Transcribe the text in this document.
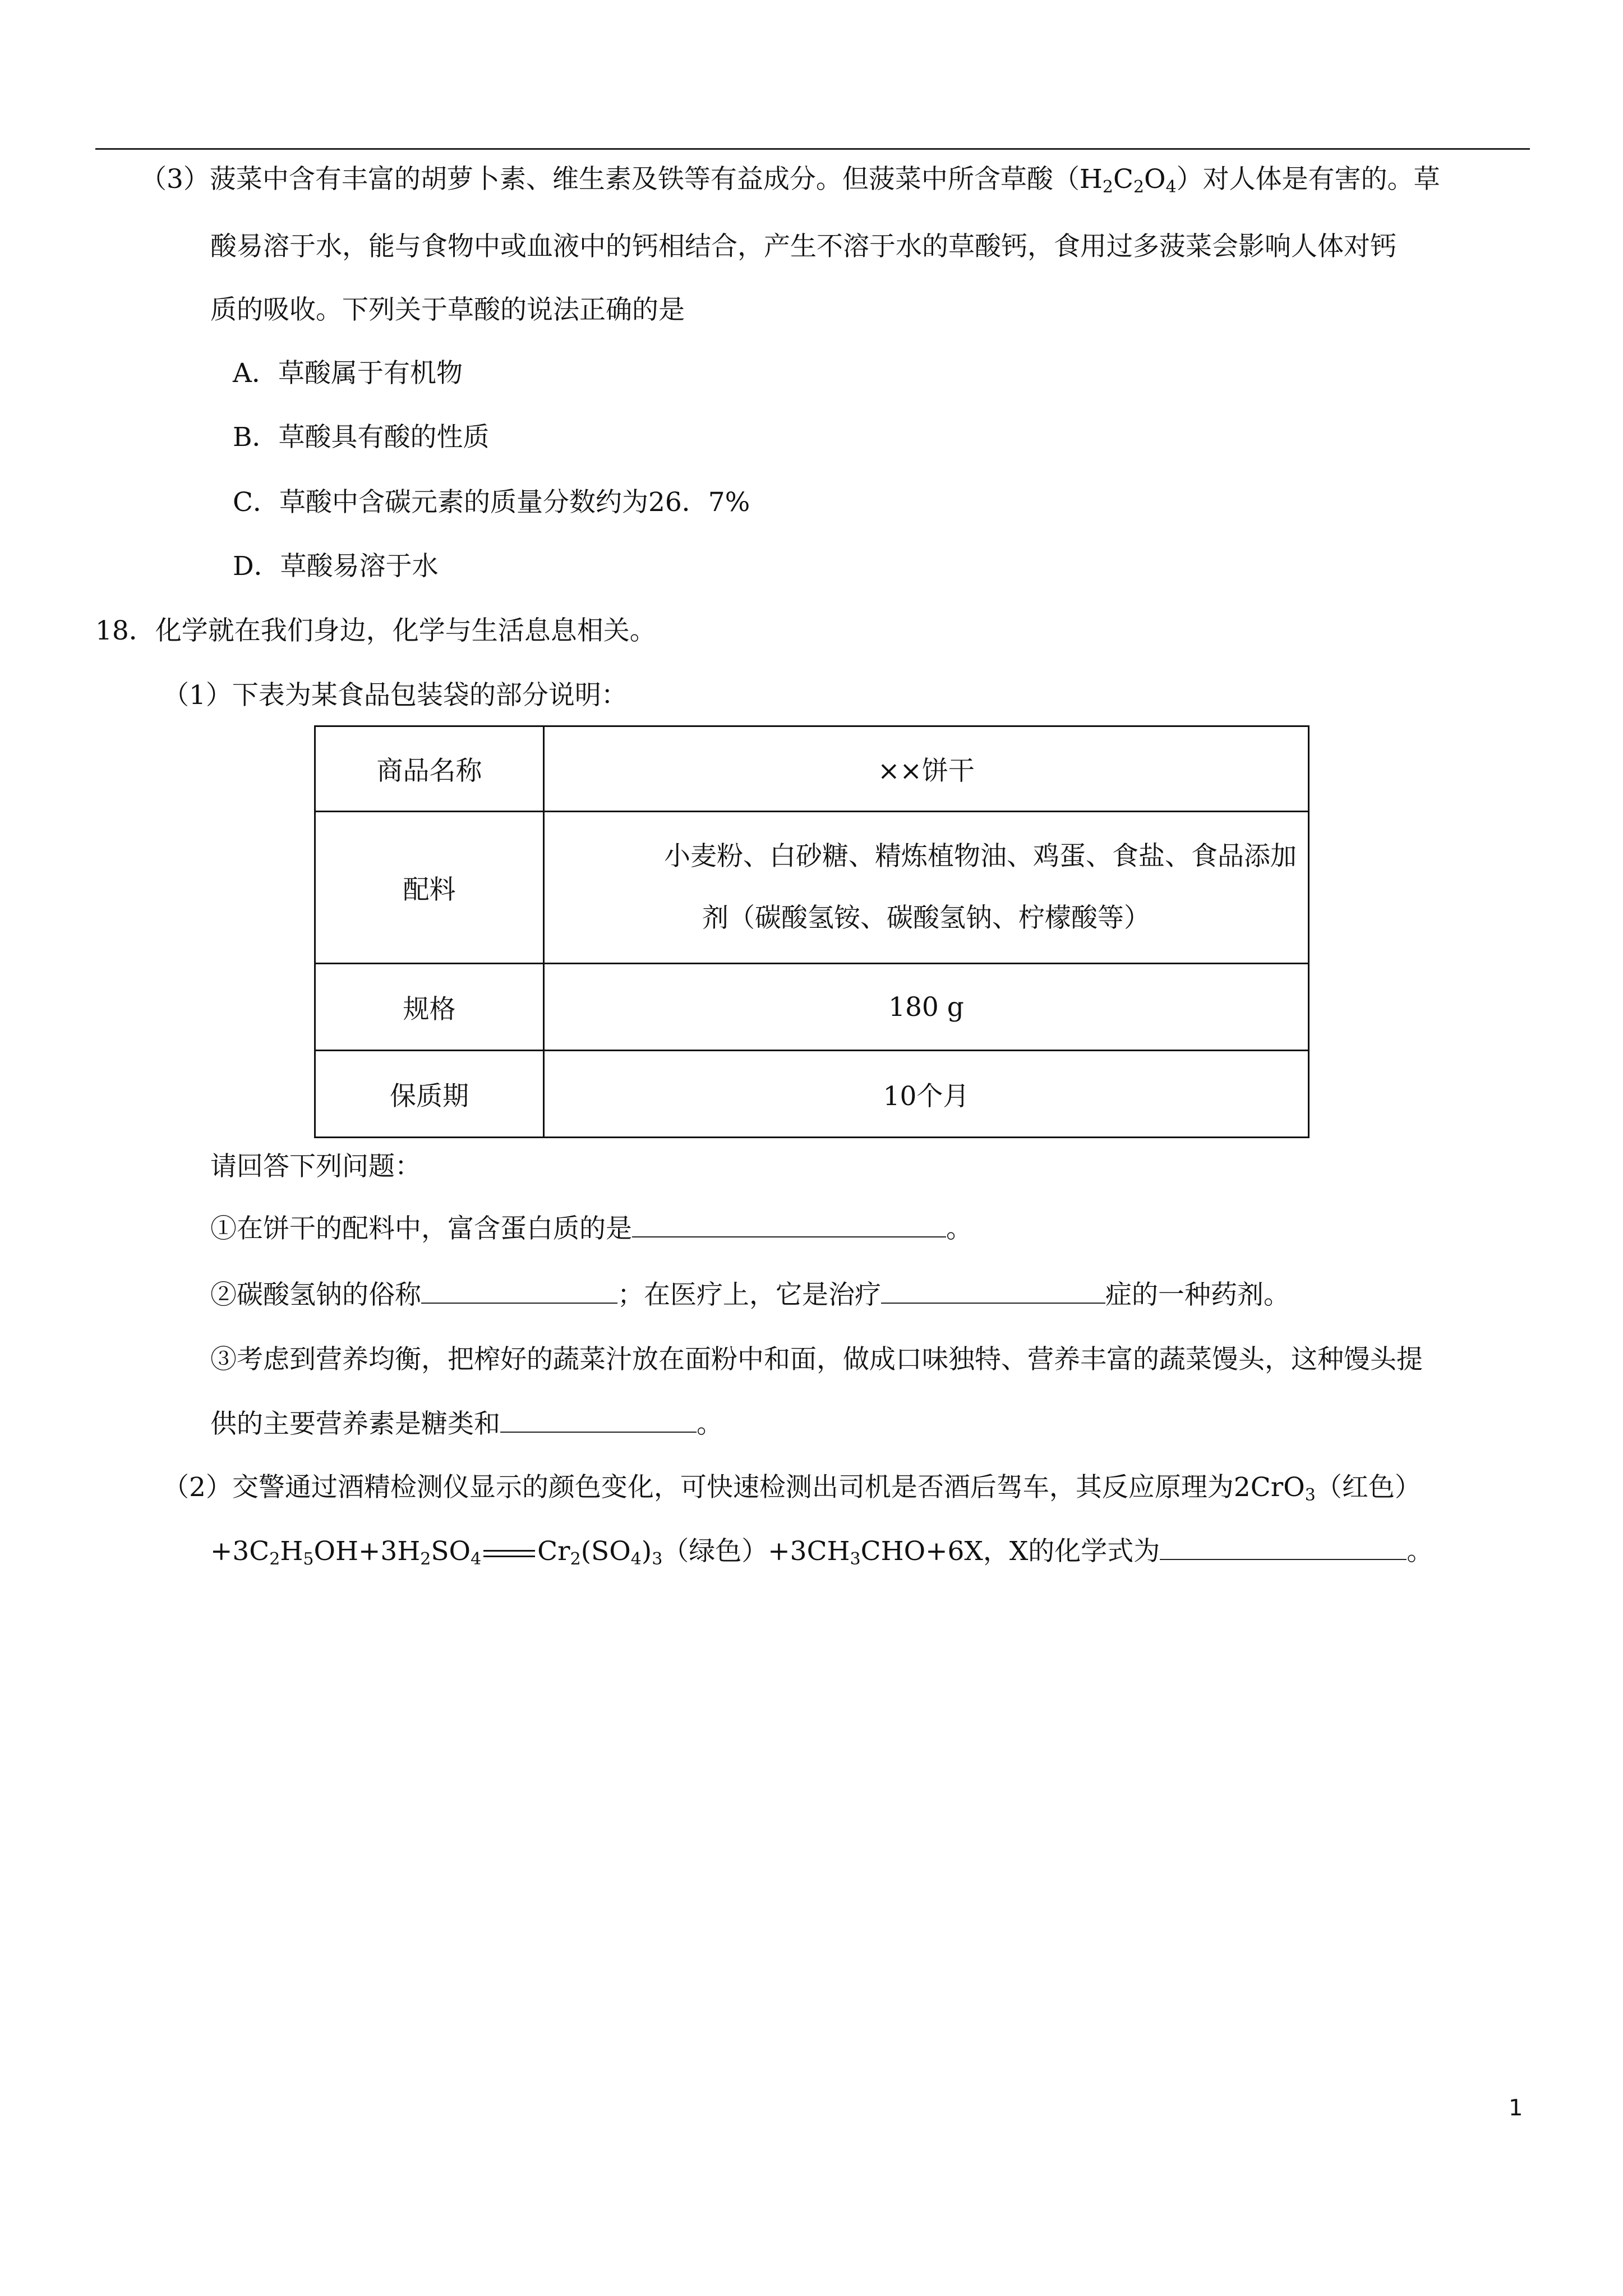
（3）菠菜中含有丰富的胡萝卜素、维生素及铁等有益成分。但菠菜中所含草酸$(H_2C_2O_4)$对人体是有害的。草
酸易溶于水，能与食物中或血液中的钙相结合，产生不溶于水的草酸钙，食用过多菠菜会影响人体对钙
质的吸收。下列关于草酸的说法正确的是
A．草酸属于有机物
B．草酸具有酸的性质
C．草酸中含碳元素的质量分数约为26．7%
D．草酸易溶于水
18．化学就在我们身边，化学与生活息息相关。
（1）下表为某食品包装袋的部分说明：
商品名称	××饼干
配料	小麦粉、白砂糖、精炼植物油、鸡蛋、食盐、食品添加
剂（碳酸氢铵、碳酸氢钠、柠檬酸等）

规格	180 g
保质期	10个月
请回答下列问题：
①在饼干的配料中，富含蛋白质的是	。
②碳酸氢钠的俗称	；在医疗上，它是治疗	症的一种药剂。
③考虑到营养均衡，把榨好的蔬菜汁放在面粉中和面，做成口味独特、营养丰富的蔬菜馒头，这种馒头提
供的主要营养素是糖类和	。
（2）交警通过酒精检测仪显示的颜色变化，可快速检测出司机是否酒后驾车，其反应原理为2CrO$_3$（红色）
$+3C_2H_5OH+3H_2SO_4$ $Cr_2(SO_4)_3$（绿色）$+3CH_3CHO+6X$，X的化学式为	。
1
